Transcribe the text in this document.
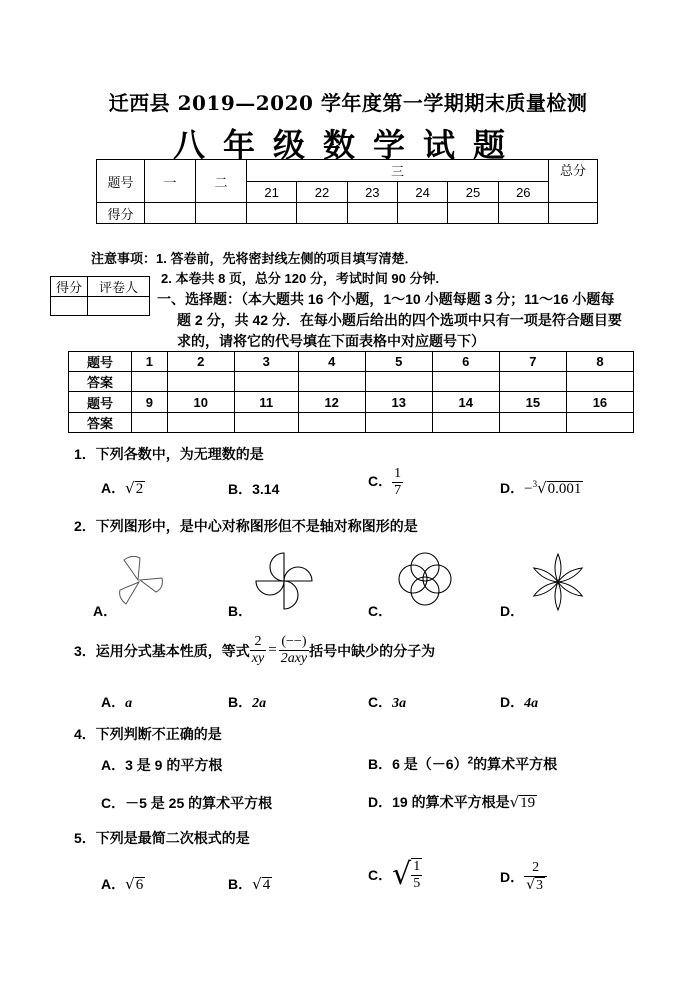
迁西县 2019—2020 学年度第一学期期末质量检测
八年级数学试题
题号	一	二	三						总分
			21	22	23	24	25	26	
得分									
注意事项：1. 答卷前，先将密封线左侧的项目填写清楚．
2. 本卷共 8 页，总分 120 分，考试时间 90 分钟.
得分	评卷人

一、选择题：（本大题共 16 个小题，1～10 小题每题 3 分；11～16 小题每
题 2 分，共 42 分．在每小题后给出的四个选项中只有一项是符合题目要
求的，请将它的代号填在下面表格中对应题号下）
题号	1	2	3	4	5	6	7	8
答案								
题号	9	10	11	12	13	14	15	16
答案								
1．下列各数中，为无理数的是
A．√2	B．3.14	C． $\frac{1}{7}$	D．−$^3$√0.001
2．下列图形中，是中心对称图形但不是轴对称图形的是
A．	B．	C．	D．
3．运用分式基本性质，等式 $\frac{2}{xy} = \frac{(--)}{\text{2axy}}$ 括号中缺少的分子为
A．a	B．2a	C．3a	D．4a
4．下列判断不正确的是
A．3 是 9 的平方根	B．6 是$(-6)^2$的算术平方根
C．－5 是 25 的算术平方根	D．19 的算术平方根是√19
5．下列是最简二次根式的是
A．√6	B．√4
C． √ $\frac{1}{5}$	D． $\frac{2}{√3}$
